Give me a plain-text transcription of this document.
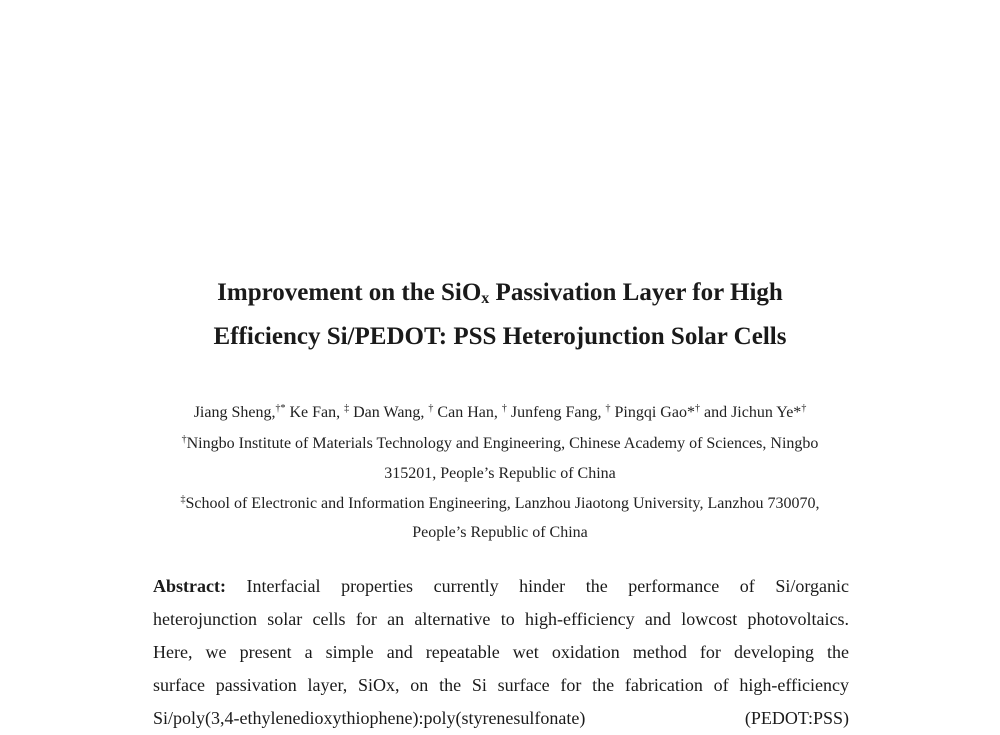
Improvement on the SiO$_x$ Passivation Layer for High
Efficiency Si/PEDOT: PSS Heterojunction Solar Cells
Jiang Sheng,†* Ke Fan, ‡ Dan Wang, † Can Han, † Junfeng Fang, † Pingqi Gao*† and Jichun Ye*†
†Ningbo Institute of Materials Technology and Engineering, Chinese Academy of Sciences, Ningbo
315201, People’s Republic of China
‡School of Electronic and Information Engineering, Lanzhou Jiaotong University, Lanzhou 730070,
People’s Republic of China
Abstract: Interfacial properties currently hinder the performance of Si/organic
heterojunction solar cells for an alternative to high-efficiency and lowcost photovoltaics.
Here, we present a simple and repeatable wet oxidation method for developing the
surface passivation layer, SiOx, on the Si surface for the fabrication of high-efficiency
Si/poly(3,4-ethylenedioxythiophene):poly(styrenesulfonate) (PEDOT:PSS)
